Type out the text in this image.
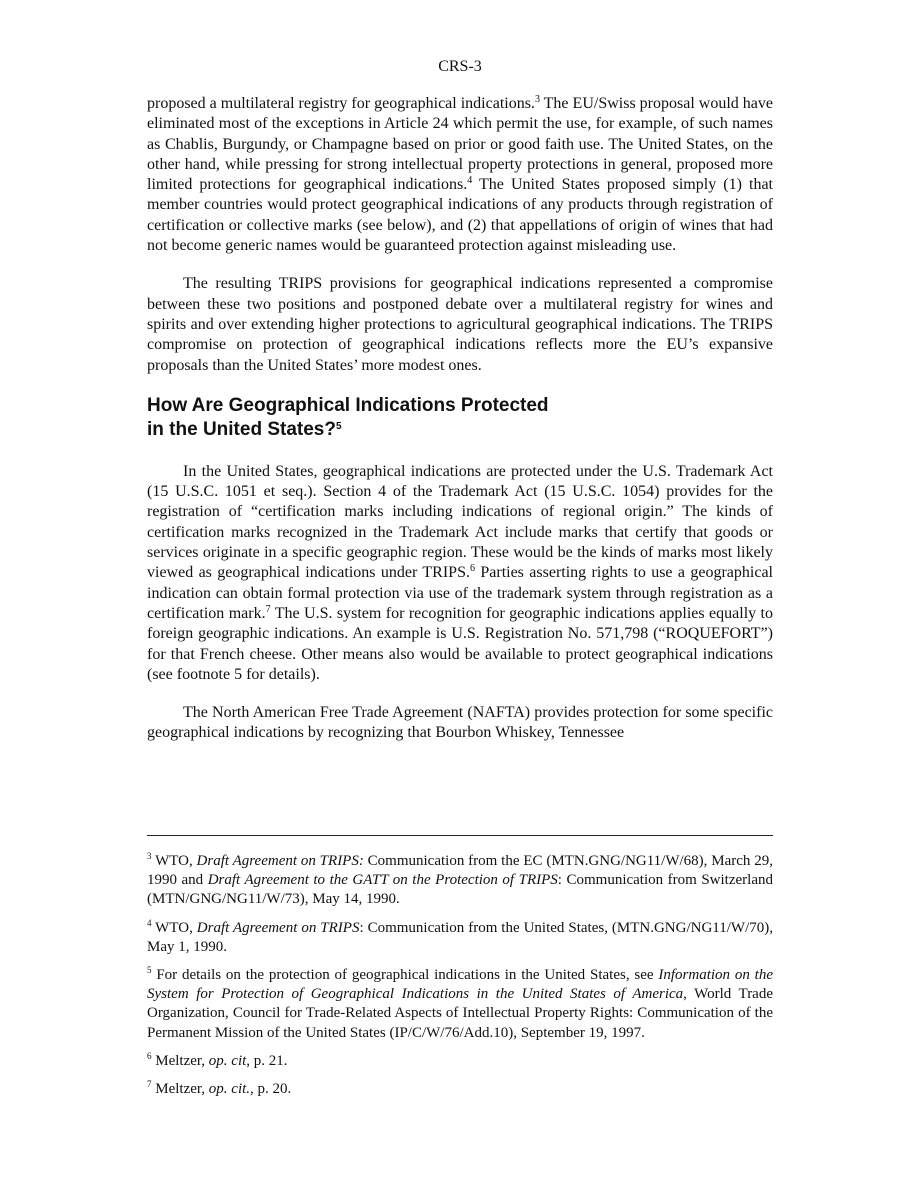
CRS-3

proposed a multilateral registry for geographical indications.$^3$ The EU/Swiss proposal would have eliminated most of the exceptions in Article 24 which permit the use, for example, of such names as Chablis, Burgundy, or Champagne based on prior or good faith use. The United States, on the other hand, while pressing for strong intellectual property protections in general, proposed more limited protections for geographical indications.$^4$ The United States proposed simply (1) that member countries would protect geographical indications of any products through registration of certification or collective marks (see below), and (2) that appellations of origin of wines that had not become generic names would be guaranteed protection against misleading use.

The resulting TRIPS provisions for geographical indications represented a compromise between these two positions and postponed debate over a multilateral registry for wines and spirits and over extending higher protections to agricultural geographical indications. The TRIPS compromise on protection of geographical indications reflects more the EU’s expansive proposals than the United States’ more modest ones.

How Are Geographical Indications Protected
in the United States?$^5$

In the United States, geographical indications are protected under the U.S. Trademark Act (15 U.S.C. 1051 et seq.). Section 4 of the Trademark Act (15 U.S.C. 1054) provides for the registration of “certification marks including indications of regional origin.” The kinds of certification marks recognized in the Trademark Act include marks that certify that goods or services originate in a specific geographic region. These would be the kinds of marks most likely viewed as geographical indications under TRIPS.$^6$ Parties asserting rights to use a geographical indication can obtain formal protection via use of the trademark system through registration as a certification mark.$^7$ The U.S. system for recognition for geographic indications applies equally to foreign geographic indications. An example is U.S. Registration No. 571,798 (“ROQUEFORT”) for that French cheese. Other means also would be available to protect geographical indications (see footnote 5 for details).

The North American Free Trade Agreement (NAFTA) provides protection for some specific geographical indications by recognizing that Bourbon Whiskey, Tennessee

$^3$ WTO, Draft Agreement on TRIPS: Communication from the EC (MTN.GNG/NG11/W/68), March 29, 1990 and Draft Agreement to the GATT on the Protection of TRIPS: Communication from Switzerland (MTN/GNG/NG11/W/73), May 14, 1990.

$^4$ WTO, Draft Agreement on TRIPS: Communication from the United States, (MTN.GNG/NG11/W/70), May 1, 1990.

$^5$ For details on the protection of geographical indications in the United States, see Information on the System for Protection of Geographical Indications in the United States of America, World Trade Organization, Council for Trade-Related Aspects of Intellectual Property Rights: Communication of the Permanent Mission of the United States (IP/C/W/76/Add.10), September 19, 1997.

$^6$ Meltzer, op. cit, p. 21.

$^7$ Meltzer, op. cit., p. 20.
